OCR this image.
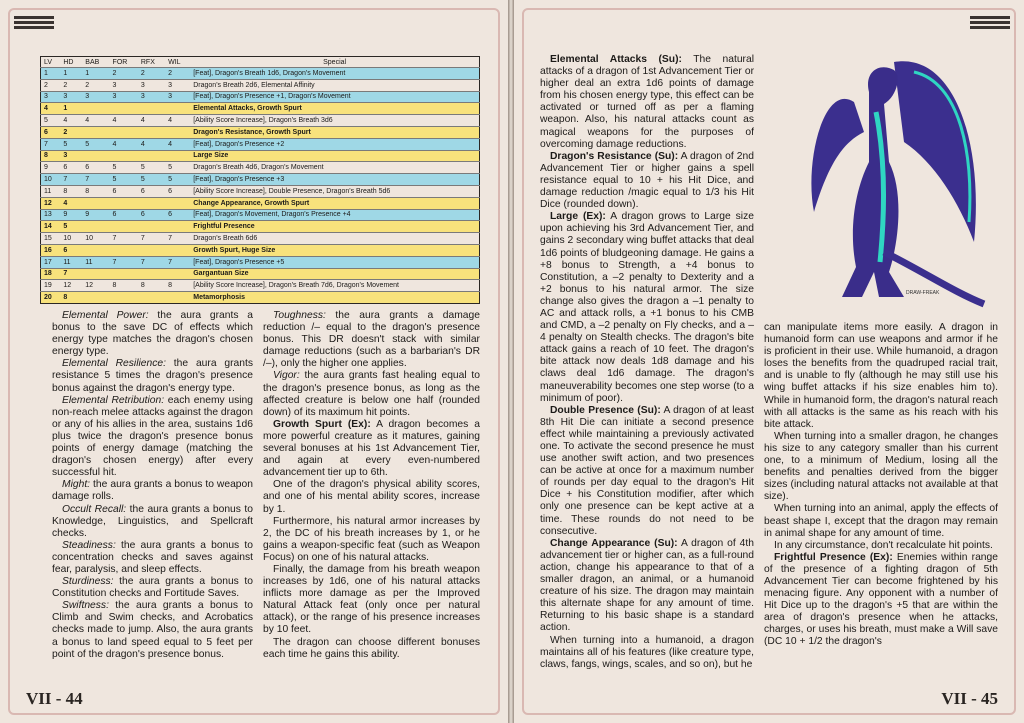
LV	HD	BAB	FOR	RFX	WIL	Special
1	1	1	2	2	2	[Feat], Dragon's Breath 1d6, Dragon's Movement
2	2	2	3	3	3	Dragon's Breath 2d6, Elemental Affinity
3	3	3	3	3	3	[Feat], Dragon's Presence +1, Dragon's Movement
4	1					Elemental Attacks, Growth Spurt
5	4	4	4	4	4	[Ability Score Increase], Dragon's Breath 3d6
6	2					Dragon's Resistance, Growth Spurt
7	5	5	4	4	4	[Feat], Dragon's Presence +2
8	3					Large Size
9	6	6	5	5	5	Dragon's Breath 4d6, Dragon's Movement
10	7	7	5	5	5	[Feat], Dragon's Presence +3
11	8	8	6	6	6	[Ability Score Increase], Double Presence, Dragon's Breath 5d6
12	4					Change Appearance, Growth Spurt
13	9	9	6	6	6	[Feat], Dragon's Movement, Dragon's Presence +4
14	5					Frightful Presence
15	10	10	7	7	7	Dragon's Breath 6d6
16	6					Growth Spurt, Huge Size
17	11	11	7	7	7	[Feat], Dragon's Presence +5
18	7					Gargantuan Size
19	12	12	8	8	8	[Ability Score Increase], Dragon's Breath 7d6, Dragon's Movement
20	8					Metamorphosis

Elemental Power: the aura grants a bonus to the save DC of effects which energy type matches the dragon's chosen energy type.

Elemental Resilience: the aura grants resistance 5 times the dragon's presence bonus against the dragon's energy type.

Elemental Retribution: each enemy using non-reach melee attacks against the dragon or any of his allies in the area, sustains 1d6 plus twice the dragon's presence bonus points of energy damage (matching the dragon's chosen energy) after every successful hit.

Might: the aura grants a bonus to weapon damage rolls.

Occult Recall: the aura grants a bonus to Knowledge, Linguistics, and Spellcraft checks.

Steadiness: the aura grants a bonus to concentration checks and saves against fear, paralysis, and sleep effects.

Sturdiness: the aura grants a bonus to Constitution checks and Fortitude Saves.

Swiftness: the aura grants a bonus to Climb and Swim checks, and Acrobatics checks made to jump. Also, the aura grants a bonus to land speed equal to 5 feet per point of the dragon's presence bonus.

Toughness: the aura grants a damage reduction /– equal to the dragon's presence bonus. This DR doesn't stack with similar damage reductions (such as a barbarian's DR /–), only the higher one applies.

Vigor: the aura grants fast healing equal to the dragon's presence bonus, as long as the affected creature is below one half (rounded down) of its maximum hit points.

Growth Spurt (Ex): A dragon becomes a more powerful creature as it matures, gaining several bonuses at his 1st Advancement Tier, and again at every even-numbered advancement tier up to 6th.

One of the dragon's physical ability scores, and one of his mental ability scores, increase by 1.

Furthermore, his natural armor increases by 2, the DC of his breath increases by 1, or he gains a weapon-specific feat (such as Weapon Focus) on one of his natural attacks.

Finally, the damage from his breath weapon increases by 1d6, one of his natural attacks inflicts more damage as per the Improved Natural Attack feat (only once per natural attack), or the range of his presence increases by 10 feet.

The dragon can choose different bonuses each time he gains this ability.

VII - 44

Elemental Attacks (Su): The natural attacks of a dragon of 1st Advancement Tier or higher deal an extra 1d6 points of damage from his chosen energy type, this effect can be activated or turned off as per a flaming weapon. Also, his natural attacks count as magical weapons for the purposes of overcoming damage reductions.

Dragon's Resistance (Su): A dragon of 2nd Advancement Tier or higher gains a spell resistance equal to 10 + his Hit Dice, and damage reduction /magic equal to 1/3 his Hit Dice (rounded down).

Large (Ex): A dragon grows to Large size upon achieving his 3rd Advancement Tier, and gains 2 secondary wing buffet attacks that deal 1d6 points of bludgeoning damage. He gains a +8 bonus to Strength, a +4 bonus to Constitution, a –2 penalty to Dexterity and a +2 bonus to his natural armor. The size change also gives the dragon a –1 penalty to AC and attack rolls, a +1 bonus to his CMB and CMD, a –2 penalty on Fly checks, and a –4 penalty on Stealth checks. The dragon's bite attack gains a reach of 10 feet. The dragon's bite attack now deals 1d8 damage and his claws deal 1d6 damage. The dragon's maneuverability becomes one step worse (to a minimum of poor).

Double Presence (Su): A dragon of at least 8th Hit Die can initiate a second presence effect while maintaining a previously activated one. To activate the second presence he must use another swift action, and two presences can be active at once for a maximum number of rounds per day equal to the dragon's Hit Dice + his Constitution modifier, after which only one presence can be kept active at a time. These rounds do not need to be consecutive.

Change Appearance (Su): A dragon of 4th advancement tier or higher can, as a full-round action, change his appearance to that of a smaller dragon, an animal, or a humanoid creature of his size. The dragon may maintain this alternate shape for any amount of time. Returning to his basic shape is a standard action.

When turning into a humanoid, a dragon maintains all of his features (like creature type, claws, fangs, wings, scales, and so on), but he

DRAW-FREAK

can manipulate items more easily. A dragon in humanoid form can use weapons and armor if he is proficient in their use. While humanoid, a dragon loses the benefits from the quadruped racial trait, and is unable to fly (although he may still use his wing buffet attacks if his size enables him to). While in humanoid form, the dragon's natural reach with all attacks is the same as his reach with his bite attack.

When turning into a smaller dragon, he changes his size to any category smaller than his current one, to a minimum of Medium, losing all the benefits and penalties derived from the bigger sizes (including natural attacks not available at that size).

When turning into an animal, apply the effects of beast shape I, except that the dragon may remain in animal shape for any amount of time.

In any circumstance, don't recalculate hit points.

Frightful Presence (Ex): Enemies within range of the presence of a fighting dragon of 5th Advancement Tier can become frightened by his menacing figure. Any opponent with a number of Hit Dice up to the dragon's +5 that are within the area of dragon's presence when he attacks, charges, or uses his breath, must make a Will save (DC 10 + 1/2 the dragon's

VII - 45
